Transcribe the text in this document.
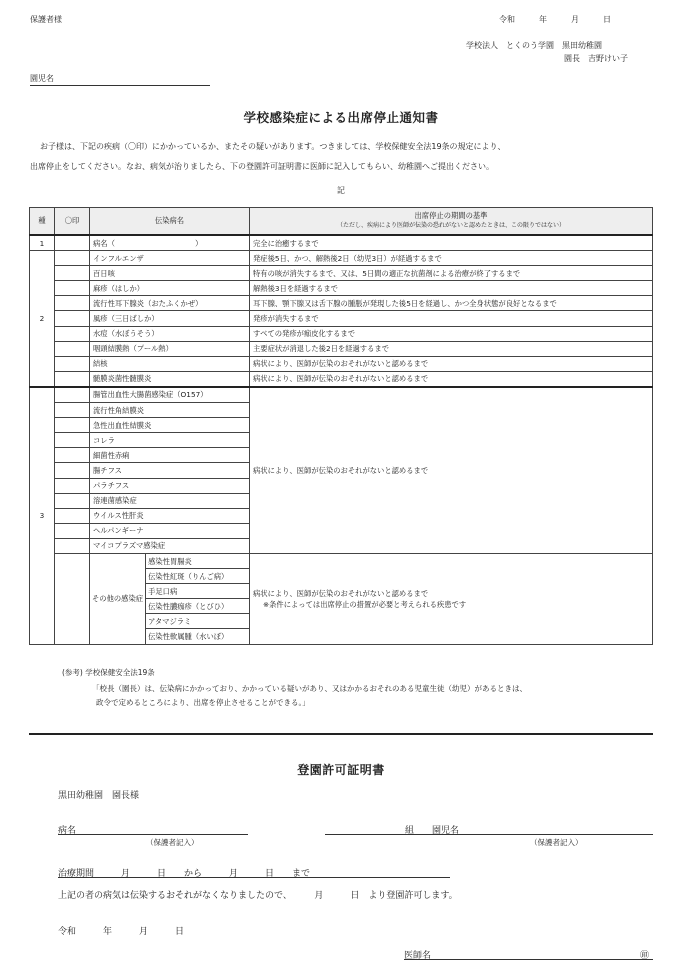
保護者様	令和　　　年　　　月　　　日
学校法人　とくのう学園　黒田幼稚園
園長　吉野けい子
園児名
学校感染症による出席停止通知書
お子様は、下記の疾病（〇印）にかかっているか、またその疑いがあります。つきましては、学校保健安全法19条の規定により、
出席停止をしてください。なお、病気が治りましたら、下の登園許可証明書に医師に記入してもらい、幼稚園へご提出ください。
記
種	〇印	伝染病名	出席停止の期間の基準
（ただし、疾病により医師が伝染の恐れがないと認めたときは、この限りではない）

1		病名（　　　　　　　　　　　）	完全に治癒するまで
2		インフルエンザ	発症後5日、かつ、解熱後2日（幼児3日）が経過するまで
	百日咳	特有の咳が消失するまで、又は、5日間の適正な抗菌剤による治療が終了するまで
	麻疹（はしか）	解熱後3日を経過するまで
	流行性耳下腺炎（おたふくかぜ）	耳下腺、顎下腺又は舌下腺の腫脹が発現した後5日を経過し、かつ全身状態が良好となるまで
	風疹（三日ばしか）	発疹が消失するまで
	水痘（水ぼうそう）	すべての発疹が痂皮化するまで
	咽頭結膜熱（プール熱）	主要症状が消退した後2日を経過するまで
	結核	病状により、医師が伝染のおそれがないと認めるまで
	髄膜炎菌性髄膜炎	病状により、医師が伝染のおそれがないと認めるまで
3		腸管出血性大腸菌感染症（O157）	病状により、医師が伝染のおそれがないと認めるまで
	流行性角結膜炎
	急性出血性結膜炎
	コレラ
	細菌性赤痢
	腸チフス
	パラチフス
	溶連菌感染症
	ウイルス性肝炎
	ヘルパンギーナ
	マイコプラズマ感染症

その他の感染症	感染性胃腸炎
伝染性紅斑（りんご病）
手足口病
伝染性膿痂疹（とびひ）
アタマジラミ
伝染性軟属腫（水いぼ）

病状により、医師が伝染のおそれがないと認めるまで
※条件によっては出席停止の措置が必要と考えられる疾患です
(参考) 学校保健安全法19条
「校長（園長）は、伝染病にかかっており、かかっている疑いがあり、又はかかるおそれのある児童生徒（幼児）があるときは、
政令で定めるところにより、出席を停止させることができる。」
登園許可証明書
黒田幼稚園　園長様
病名
（保護者記入）
組　　園児名
（保護者記入）
治療期間　　　月　　　日　　から　　　月　　　日　　まで
上記の者の病気は伝染するおそれがなくなりましたので、　　　月　　　日　より登園許可します。
令和　　　年　　　月　　　日
医師名	㊞
